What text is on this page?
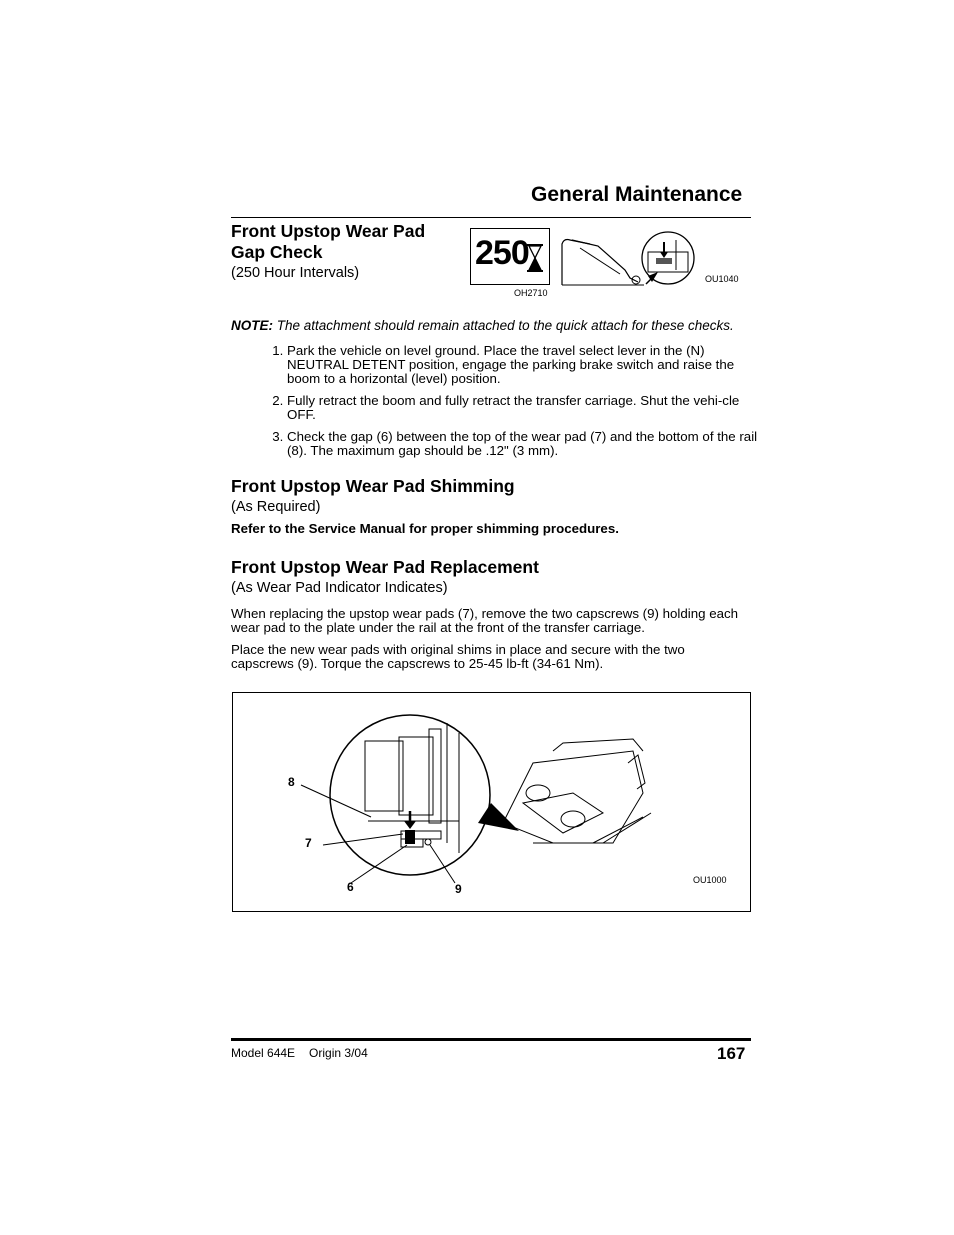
General Maintenance
Front Upstop Wear Pad
Gap Check
(250 Hour Intervals)
250
OH2710
OU1040
NOTE: The attachment should remain attached to the quick attach for these checks.
1. Park the vehicle on level ground. Place the travel select lever in the (N) NEUTRAL DETENT position, engage the parking brake switch and raise the boom to a horizontal (level) position.
2. Fully retract the boom and fully retract the transfer carriage. Shut the vehi-cle OFF.
3. Check the gap (6) between the top of the wear pad (7) and the bottom of the rail (8). The maximum gap should be .12" (3 mm).
Front Upstop Wear Pad Shimming
(As Required)
Refer to the Service Manual for proper shimming procedures.
Front Upstop Wear Pad Replacement
(As Wear Pad Indicator Indicates)
When replacing the upstop wear pads (7), remove the two capscrews (9) holding each wear pad to the plate under the rail at the front of the transfer carriage.
Place the new wear pads with original shims in place and secure with the two capscrews (9). Torque the capscrews to 25-45 lb-ft (34-61 Nm).
8
7
6	9
OU1000
Model 644E Origin 3/04	167
